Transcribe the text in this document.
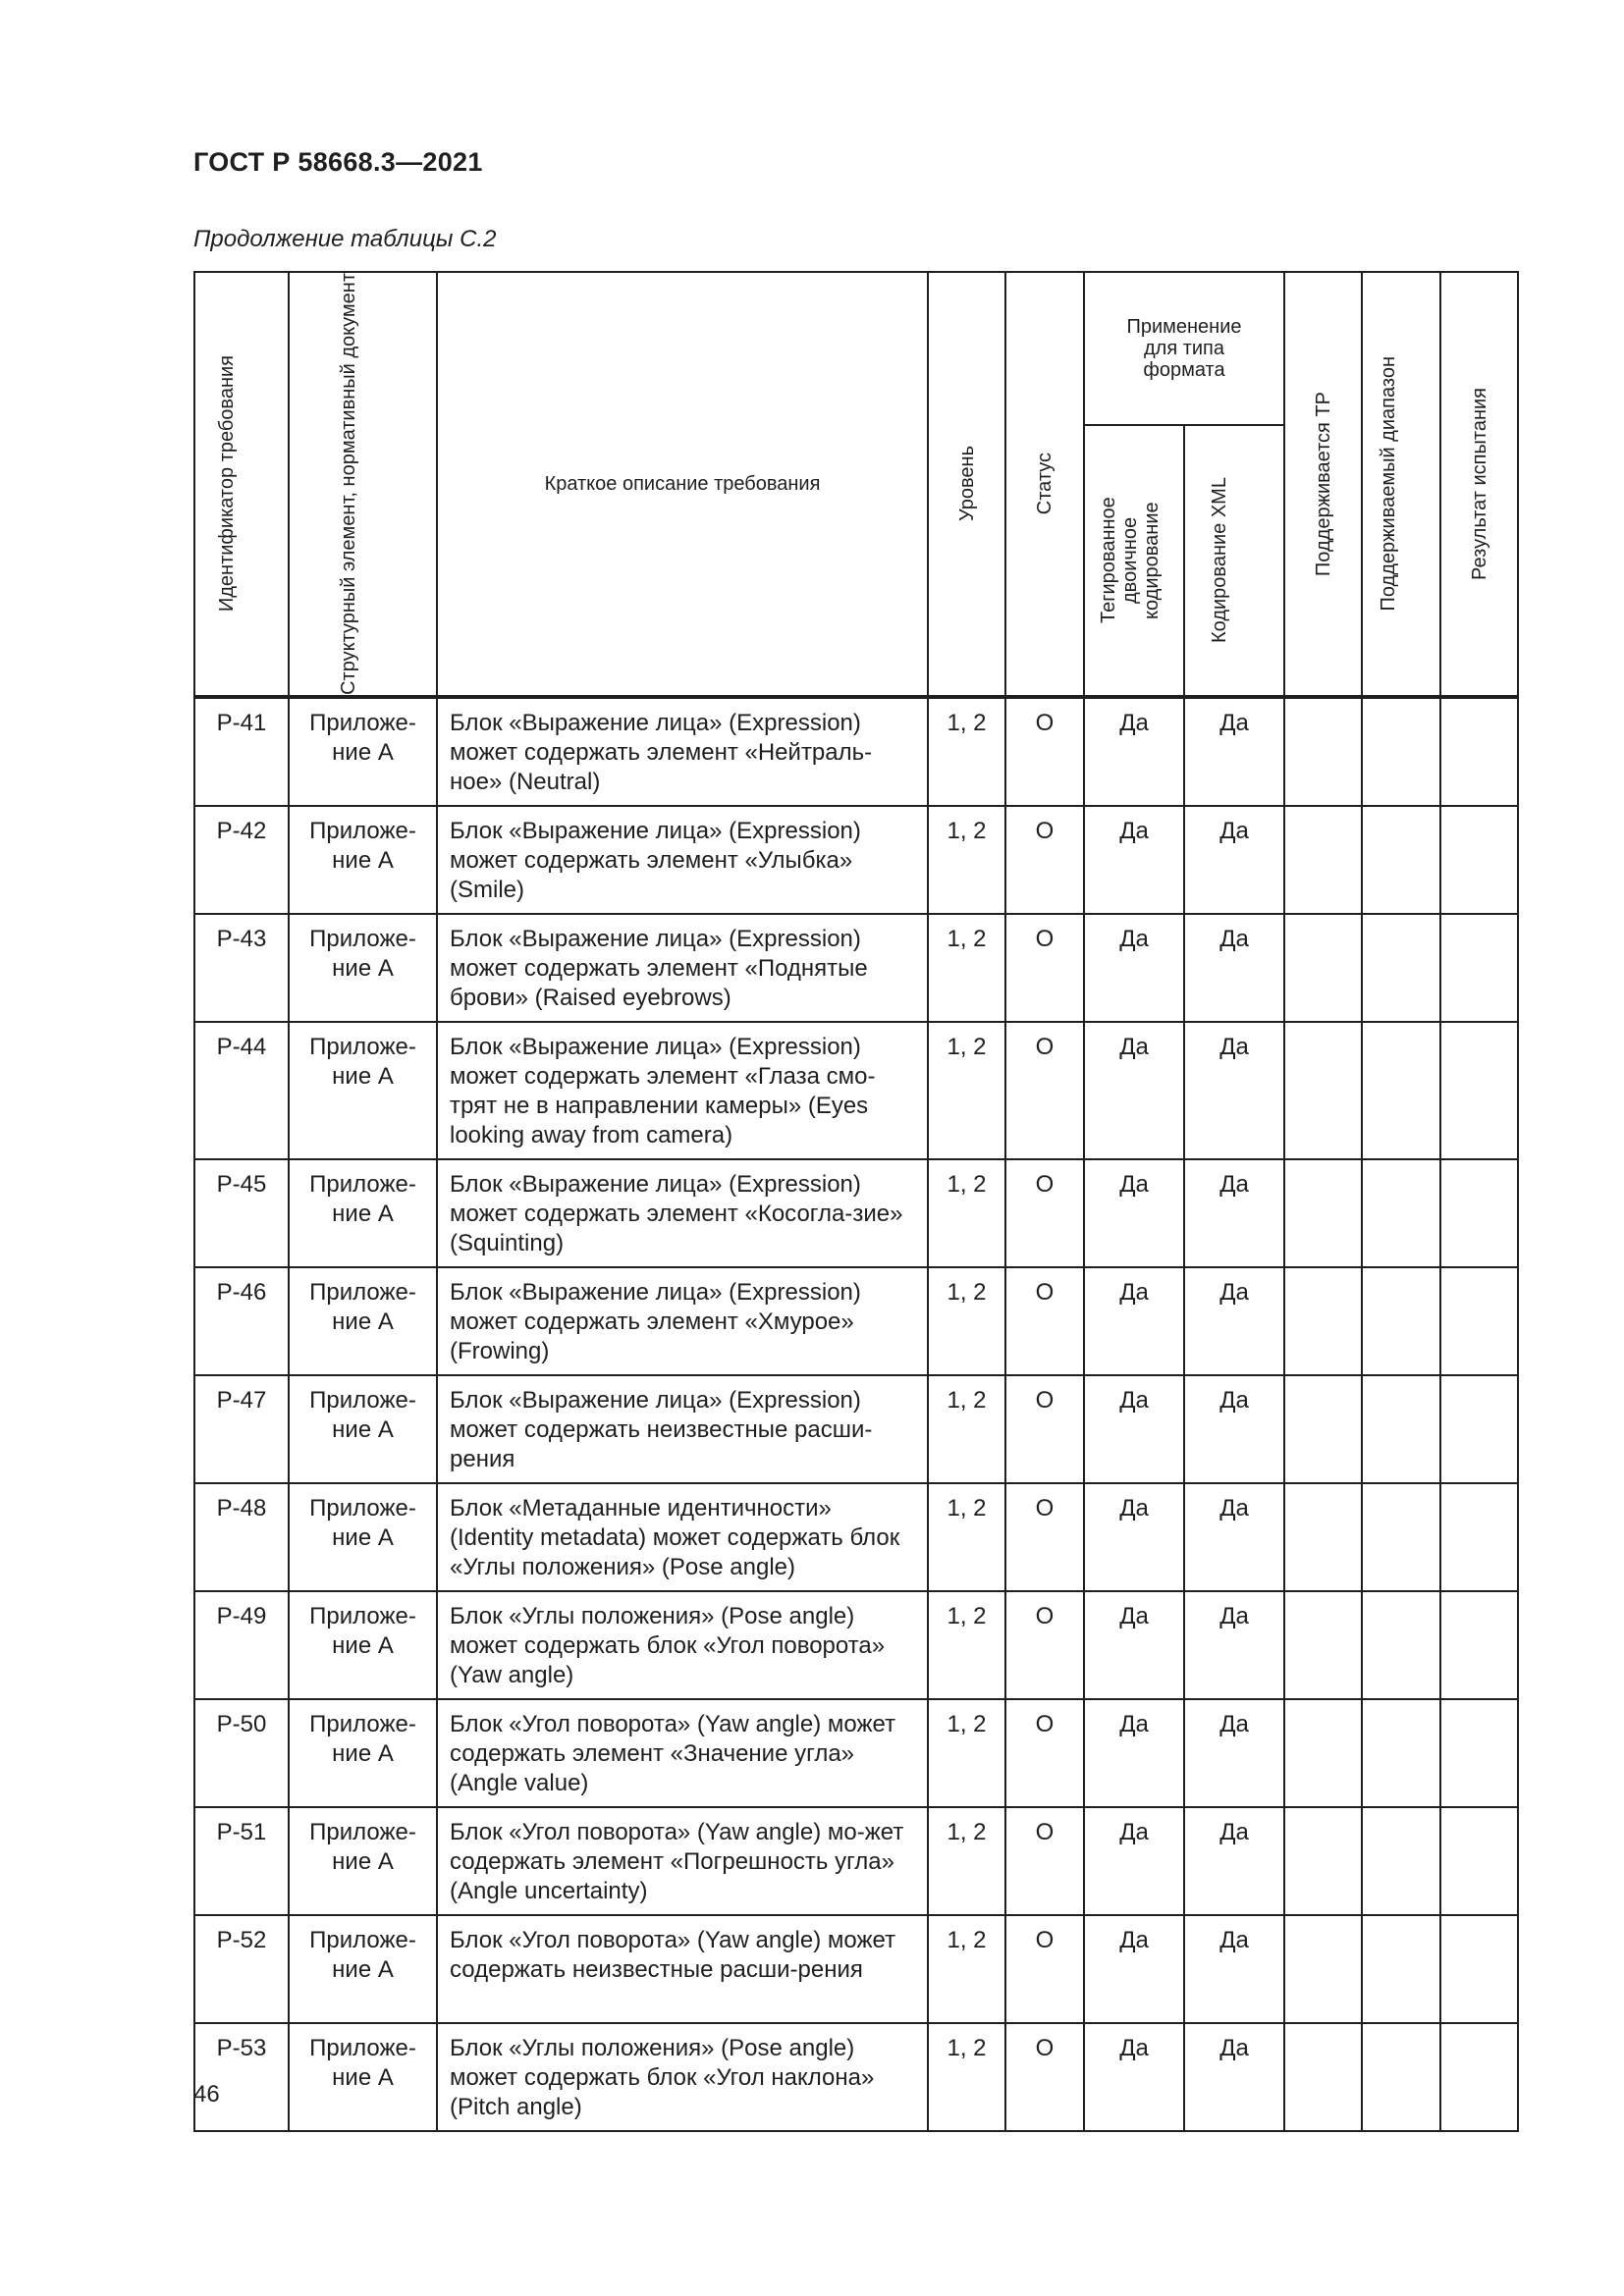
ГОСТ Р 58668.3—2021
Продолжение таблицы С.2
Идентификатор требования	Структурный элемент, нормативный документ	Краткое описание требования	Уровень	Статус	Применение для типа формата		Поддерживается ТР	Поддерживаемый диапазон	Результат испытания

					Тегированное двоичное кодирование	Кодирование XML			

Р-41	Приложе-ние А	Блок «Выражение лица» (Expression) может содержать элемент «Нейтраль-ное» (Neutral)	1, 2	О	Да	Да			
Р-42	Приложе-ние А	Блок «Выражение лица» (Expression) может содержать элемент «Улыбка» (Smile)	1, 2	О	Да	Да			
Р-43	Приложе-ние А	Блок «Выражение лица» (Expression) может содержать элемент «Поднятые брови» (Raised eyebrows)	1, 2	О	Да	Да			
Р-44	Приложе-ние А	Блок «Выражение лица» (Expression) может содержать элемент «Глаза смо-трят не в направлении камеры» (Eyes looking away from camera)	1, 2	О	Да	Да			
Р-45	Приложе-ние А	Блок «Выражение лица» (Expression) может содержать элемент «Косогла-зие» (Squinting)	1, 2	О	Да	Да			
Р-46	Приложе-ние А	Блок «Выражение лица» (Expression) может содержать элемент «Хмурое» (Frowing)	1, 2	О	Да	Да			
Р-47	Приложе-ние А	Блок «Выражение лица» (Expression) может содержать неизвестные расши-рения	1, 2	О	Да	Да			
Р-48	Приложе-ние А	Блок «Метаданные идентичности» (Identity metadata) может содержать блок «Углы положения» (Pose angle)	1, 2	О	Да	Да			
Р-49	Приложе-ние А	Блок «Углы положения» (Pose angle) может содержать блок «Угол поворота» (Yaw angle)	1, 2	О	Да	Да			
Р-50	Приложе-ние А	Блок «Угол поворота» (Yaw angle) может содержать элемент «Значение угла» (Angle value)	1, 2	О	Да	Да			
Р-51	Приложе-ние А	Блок «Угол поворота» (Yaw angle) мо-жет содержать элемент «Погрешность угла» (Angle uncertainty)	1, 2	О	Да	Да			
Р-52	Приложе-ние А	Блок «Угол поворота» (Yaw angle) может содержать неизвестные расши-рения	1, 2	О	Да	Да			
Р-53	Приложе-ние А	Блок «Углы положения» (Pose angle) может содержать блок «Угол наклона» (Pitch angle)	1, 2	О	Да	Да			
46
